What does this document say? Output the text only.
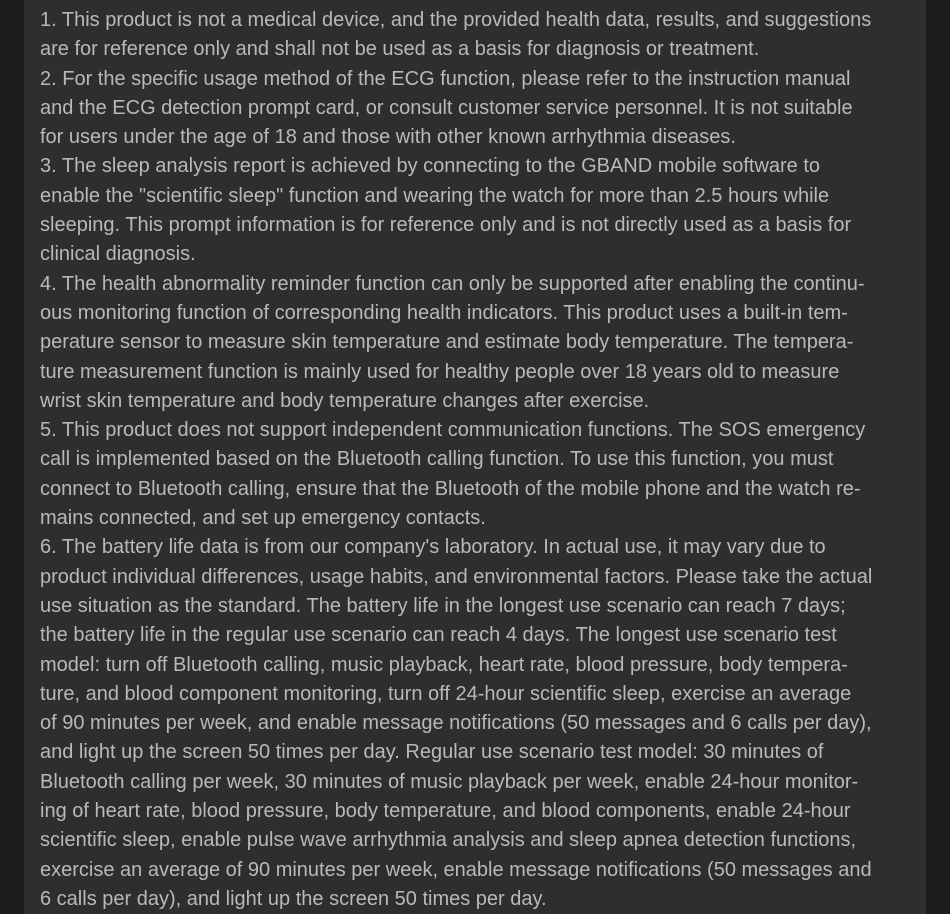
1. This product is not a medical device, and the provided health data, results, and suggestions
are for reference only and shall not be used as a basis for diagnosis or treatment.
2. For the specific usage method of the ECG function, please refer to the instruction manual
and the ECG detection prompt card, or consult customer service personnel. It is not suitable
for users under the age of 18 and those with other known arrhythmia diseases.
3. The sleep analysis report is achieved by connecting to the GBAND mobile software to
enable the "scientific sleep" function and wearing the watch for more than 2.5 hours while
sleeping. This prompt information is for reference only and is not directly used as a basis for
clinical diagnosis.
4. The health abnormality reminder function can only be supported after enabling the continu-
ous monitoring function of corresponding health indicators. This product uses a built-in tem-
perature sensor to measure skin temperature and estimate body temperature. The tempera-
ture measurement function is mainly used for healthy people over 18 years old to measure
wrist skin temperature and body temperature changes after exercise.
5. This product does not support independent communication functions. The SOS emergency
call is implemented based on the Bluetooth calling function. To use this function, you must
connect to Bluetooth calling, ensure that the Bluetooth of the mobile phone and the watch re-
mains connected, and set up emergency contacts.
6. The battery life data is from our company's laboratory. In actual use, it may vary due to
product individual differences, usage habits, and environmental factors. Please take the actual
use situation as the standard. The battery life in the longest use scenario can reach 7 days;
the battery life in the regular use scenario can reach 4 days. The longest use scenario test
model: turn off Bluetooth calling, music playback, heart rate, blood pressure, body tempera-
ture, and blood component monitoring, turn off 24-hour scientific sleep, exercise an average
of 90 minutes per week, and enable message notifications (50 messages and 6 calls per day),
and light up the screen 50 times per day. Regular use scenario test model: 30 minutes of
Bluetooth calling per week, 30 minutes of music playback per week, enable 24-hour monitor-
ing of heart rate, blood pressure, body temperature, and blood components, enable 24-hour
scientific sleep, enable pulse wave arrhythmia analysis and sleep apnea detection functions,
exercise an average of 90 minutes per week, enable message notifications (50 messages and
6 calls per day), and light up the screen 50 times per day.
